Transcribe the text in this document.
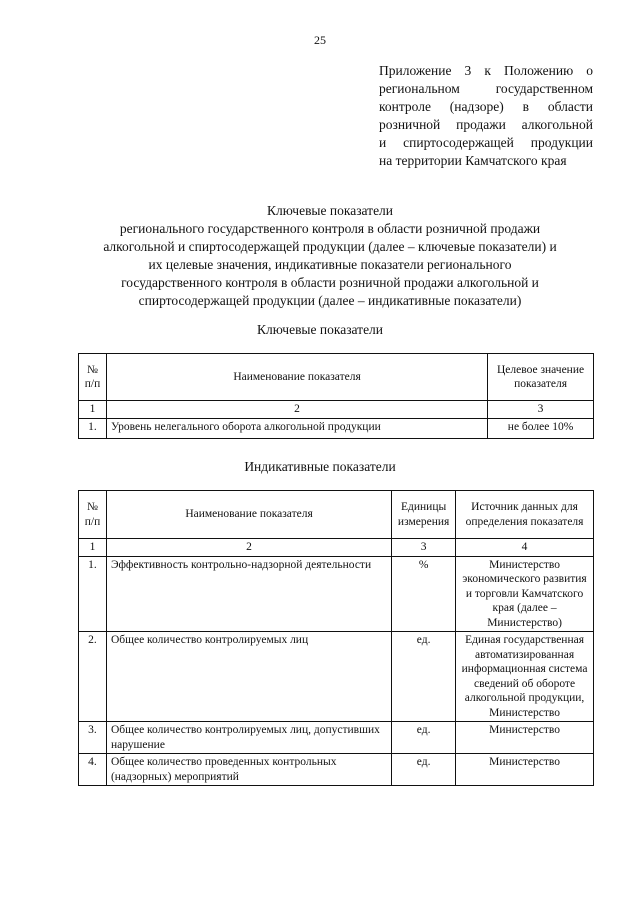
25
Приложение 3 к Положению о
региональном государственном
контроле (надзоре) в области
розничной продажи алкогольной
и спиртосодержащей продукции
на территории Камчатского края
Ключевые показатели
регионального государственного контроля в области розничной продажи
алкогольной и спиртосодержащей продукции (далее – ключевые показатели) и
их целевые значения, индикативные показатели регионального
государственного контроля в области розничной продажи алкогольной и
спиртосодержащей продукции (далее – индикативные показатели)
Ключевые показатели
№ п/п	Наименование показателя	Целевое значение показателя
1	2	3
1.	Уровень нелегального оборота алкогольной продукции	не более 10%
Индикативные показатели
№ п/п	Наименование показателя	Единицы измерения	Источник данных для определения показателя
1	2	3	4
1.	Эффективность контрольно-надзорной деятельности	%	Министерство экономического развития и торговли Камчатского края (далее – Министерство)
2.	Общее количество контролируемых лиц	ед.	Единая государственная автоматизированная информационная система сведений об обороте алкогольной продукции, Министерство
3.	Общее количество контролируемых лиц, допустивших нарушение	ед.	Министерство
4.	Общее количество проведенных контрольных (надзорных) мероприятий	ед.	Министерство
